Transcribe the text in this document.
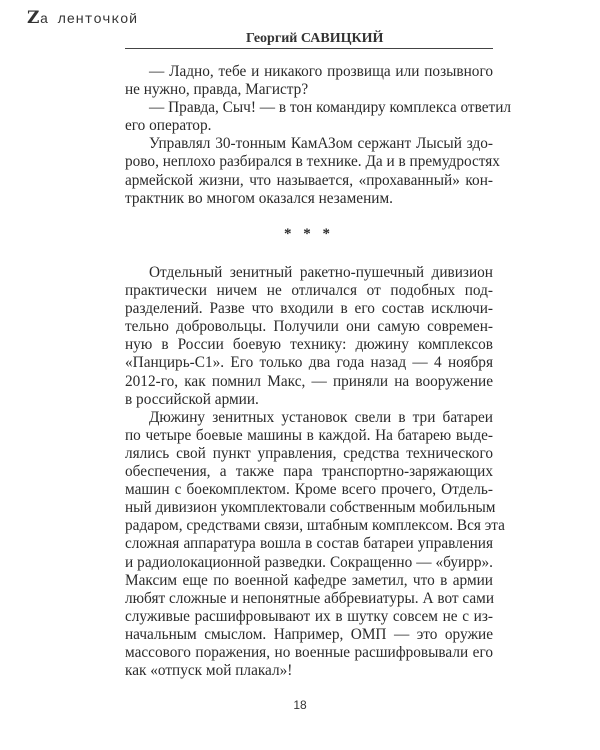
Zа ленточкой
Георгий САВИЦКИЙ
— Ладно, тебе и никакого прозвища или позывного
не нужно, правда, Магистр?
— Правда, Сыч! — в тон командиру комплекса ответил
его оператор.
Управлял 30-тонным КамАЗом сержант Лысый здо-
рово, неплохо разбирался в технике. Да и в премудростях
армейской жизни, что называется, «прохаванный» кон-
трактник во многом оказался незаменим.
* * *
Отдельный зенитный ракетно-пушечный дивизион
практически ничем не отличался от подобных под-
разделений. Разве что входили в его состав исключи-
тельно добровольцы. Получили они самую современ-
ную в России боевую технику: дюжину комплексов
«Панцирь-С1». Его только два года назад — 4 ноября
2012-го, как помнил Макс, — приняли на вооружение
в российской армии.
Дюжину зенитных установок свели в три батареи
по четыре боевые машины в каждой. На батарею выде-
лялись свой пункт управления, средства технического
обеспечения, а также пара транспортно-заряжающих
машин с боекомплектом. Кроме всего прочего, Отдель-
ный дивизион укомплектовали собственным мобильным
радаром, средствами связи, штабным комплексом. Вся эта
сложная аппаратура вошла в состав батареи управления
и радиолокационной разведки. Сокращенно — «буирр».
Максим еще по военной кафедре заметил, что в армии
любят сложные и непонятные аббревиатуры. А вот сами
служивые расшифровывают их в шутку совсем не с из-
начальным смыслом. Например, ОМП — это оружие
массового поражения, но военные расшифровывали его
как «отпуск мой плакал»!
18
